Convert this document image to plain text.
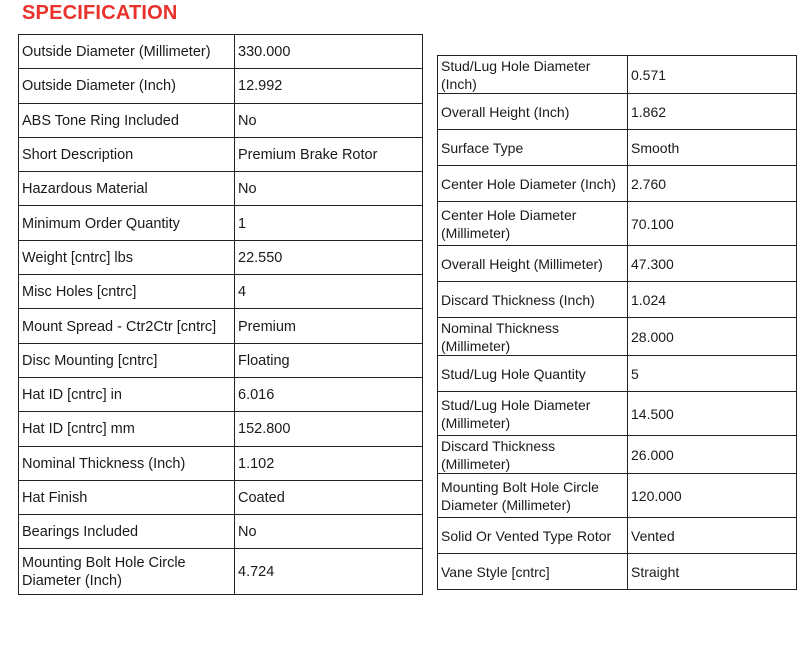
SPECIFICATION
Outside Diameter (Millimeter)	330.000
Outside Diameter (Inch)	12.992
ABS Tone Ring Included	No
Short Description	Premium Brake Rotor
Hazardous Material	No
Minimum Order Quantity	1
Weight [cntrc] lbs	22.550
Misc Holes [cntrc]	4
Mount Spread - Ctr2Ctr [cntrc]	Premium
Disc Mounting [cntrc]	Floating
Hat ID [cntrc] in	6.016
Hat ID [cntrc] mm	152.800
Nominal Thickness (Inch)	1.102
Hat Finish	Coated
Bearings Included	No
Mounting Bolt Hole Circle Diameter (Inch)	4.724
Stud/Lug Hole Diameter (Inch)	0.571
Overall Height (Inch)	1.862
Surface Type	Smooth
Center Hole Diameter (Inch)	2.760
Center Hole Diameter (Millimeter)	70.100
Overall Height (Millimeter)	47.300
Discard Thickness (Inch)	1.024
Nominal Thickness (Millimeter)	28.000
Stud/Lug Hole Quantity	5
Stud/Lug Hole Diameter (Millimeter)	14.500
Discard Thickness (Millimeter)	26.000
Mounting Bolt Hole Circle Diameter (Millimeter)	120.000
Solid Or Vented Type Rotor	Vented
Vane Style [cntrc]	Straight
